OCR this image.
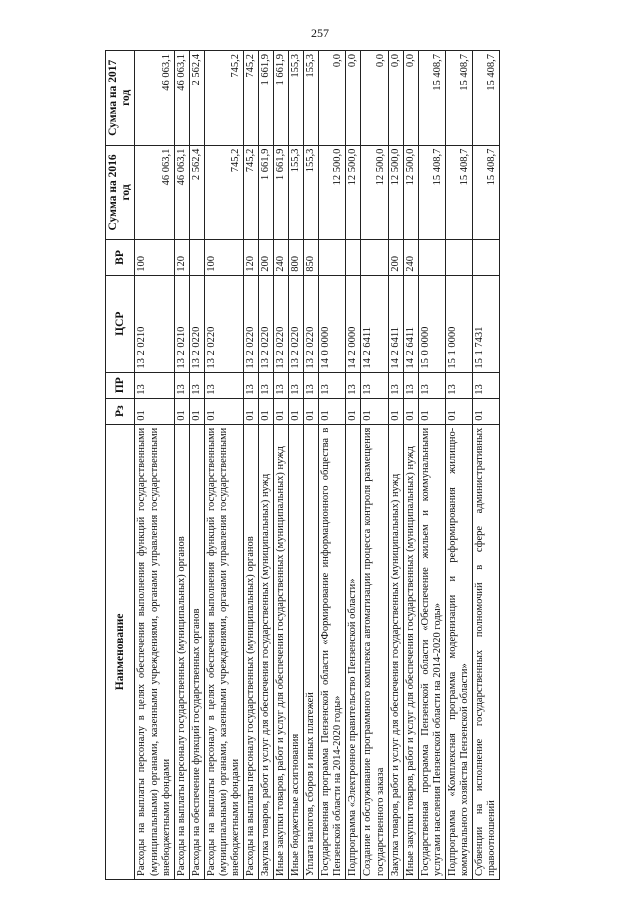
257
Наименование	Рз	ПР	ЦСР	ВР	Сумма на 2016 год	Сумма на 2017 год
Расходы на выплаты персоналу в целях обеспечения выполнения функций государственными (муниципальными) органами, казенными учреждениями, органами управления государственными внебюджетными фондами	01	13	13 2 0210	100	46 063,1	46 063,1
Расходы на выплаты персоналу государственных (муниципальных) органов	01	13	13 2 0210	120	46 063,1	46 063,1
Расходы на обеспечение функций государственных органов	01	13	13 2 0220		2 562,4	2 562,4
Расходы на выплаты персоналу в целях обеспечения выполнения функций государственными (муниципальными) органами, казенными учреждениями, органами управления государственными внебюджетными фондами	01	13	13 2 0220	100	745,2	745,2
Расходы на выплаты персоналу государственных (муниципальных) органов	01	13	13 2 0220	120	745,2	745,2
Закупка товаров, работ и услуг для обеспечения государственных (муниципальных) нужд	01	13	13 2 0220	200	1 661,9	1 661,9
Иные закупки товаров, работ и услуг для обеспечения государственных (муниципальных) нужд	01	13	13 2 0220	240	1 661,9	1 661,9
Иные бюджетные ассигнования	01	13	13 2 0220	800	155,3	155,3
Уплата налогов, сборов и иных платежей	01	13	13 2 0220	850	155,3	155,3
Государственная программа Пензенской области «Формирование информационного общества в Пензенской области на 2014-2020 годы»	01	13	14 0 0000		12 500,0	0,0
Подпрограмма «Электронное правительство Пензенской области»	01	13	14 2 0000		12 500,0	0,0
Создание и обслуживание программного комплекса автоматизации процесса контроля размещения государственного заказа	01	13	14 2 6411		12 500,0	0,0
Закупка товаров, работ и услуг для обеспечения государственных (муниципальных) нужд	01	13	14 2 6411	200	12 500,0	0,0
Иные закупки товаров, работ и услуг для обеспечения государственных (муниципальных) нужд	01	13	14 2 6411	240	12 500,0	0,0
Государственная программа Пензенской области «Обеспечение жильем и коммунальными услугами населения Пензенской области на 2014-2020 годы»	01	13	15 0 0000		15 408,7	15 408,7
Подпрограмма «Комплексная программа модернизации и реформирования жилищно-коммунального хозяйства Пензенской области»	01	13	15 1 0000		15 408,7	15 408,7
Субвенции на исполнение государственных полномочий в сфере административных правоотношений	01	13	15 1 7431		15 408,7	15 408,7
